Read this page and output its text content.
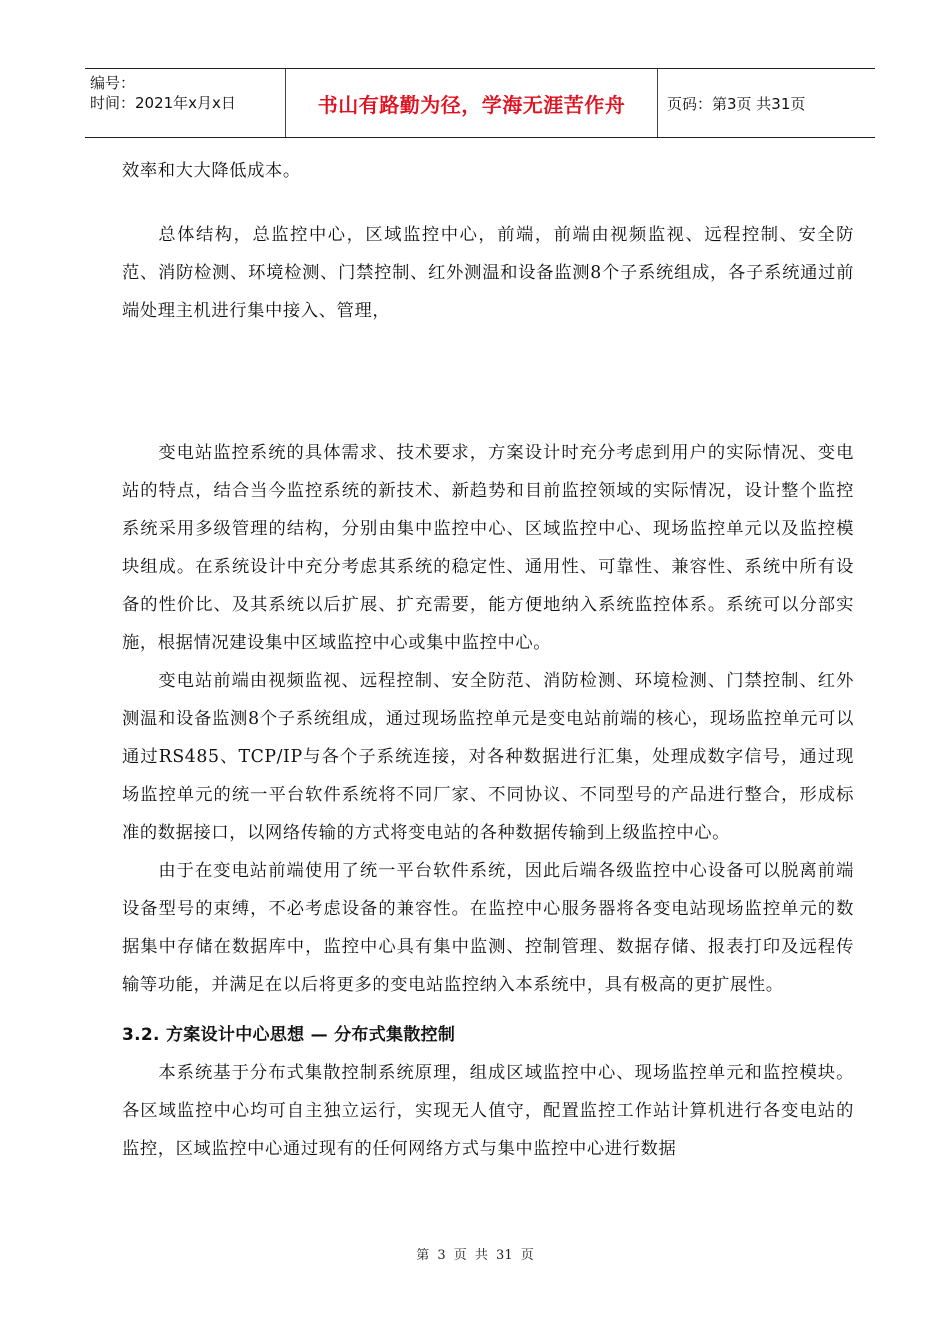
编号：
时间：2021年x月x日	书山有路勤为径，学海无涯苦作舟	页码：第3页 共31页

效率和大大降低成本。

总体结构，总监控中心，区域监控中心，前端，前端由视频监视、远程控制、安全防范、消防检测、环境检测、门禁控制、红外测温和设备监测8个子系统组成，各子系统通过前端处理主机进行集中接入、管理，

变电站监控系统的具体需求、技术要求，方案设计时充分考虑到用户的实际情况、变电站的特点，结合当今监控系统的新技术、新趋势和目前监控领域的实际情况，设计整个监控系统采用多级管理的结构，分别由集中监控中心、区域监控中心、现场监控单元以及监控模块组成。在系统设计中充分考虑其系统的稳定性、通用性、可靠性、兼容性、系统中所有设备的性价比、及其系统以后扩展、扩充需要，能方便地纳入系统监控体系。系统可以分部实施，根据情况建设集中区域监控中心或集中监控中心。

变电站前端由视频监视、远程控制、安全防范、消防检测、环境检测、门禁控制、红外测温和设备监测8个子系统组成，通过现场监控单元是变电站前端的核心，现场监控单元可以通过RS485、TCP/IP与各个子系统连接，对各种数据进行汇集，处理成数字信号，通过现场监控单元的统一平台软件系统将不同厂家、不同协议、不同型号的产品进行整合，形成标准的数据接口，以网络传输的方式将变电站的各种数据传输到上级监控中心。

由于在变电站前端使用了统一平台软件系统，因此后端各级监控中心设备可以脱离前端设备型号的束缚，不必考虑设备的兼容性。在监控中心服务器将各变电站现场监控单元的数据集中存储在数据库中，监控中心具有集中监测、控制管理、数据存储、报表打印及远程传输等功能，并满足在以后将更多的变电站监控纳入本系统中，具有极高的更扩展性。

3.2. 方案设计中心思想 — 分布式集散控制

本系统基于分布式集散控制系统原理，组成区域监控中心、现场监控单元和监控模块。各区域监控中心均可自主独立运行，实现无人值守，配置监控工作站计算机进行各变电站的监控，区域监控中心通过现有的任何网络方式与集中监控中心进行数据

第 3 页 共 31 页
